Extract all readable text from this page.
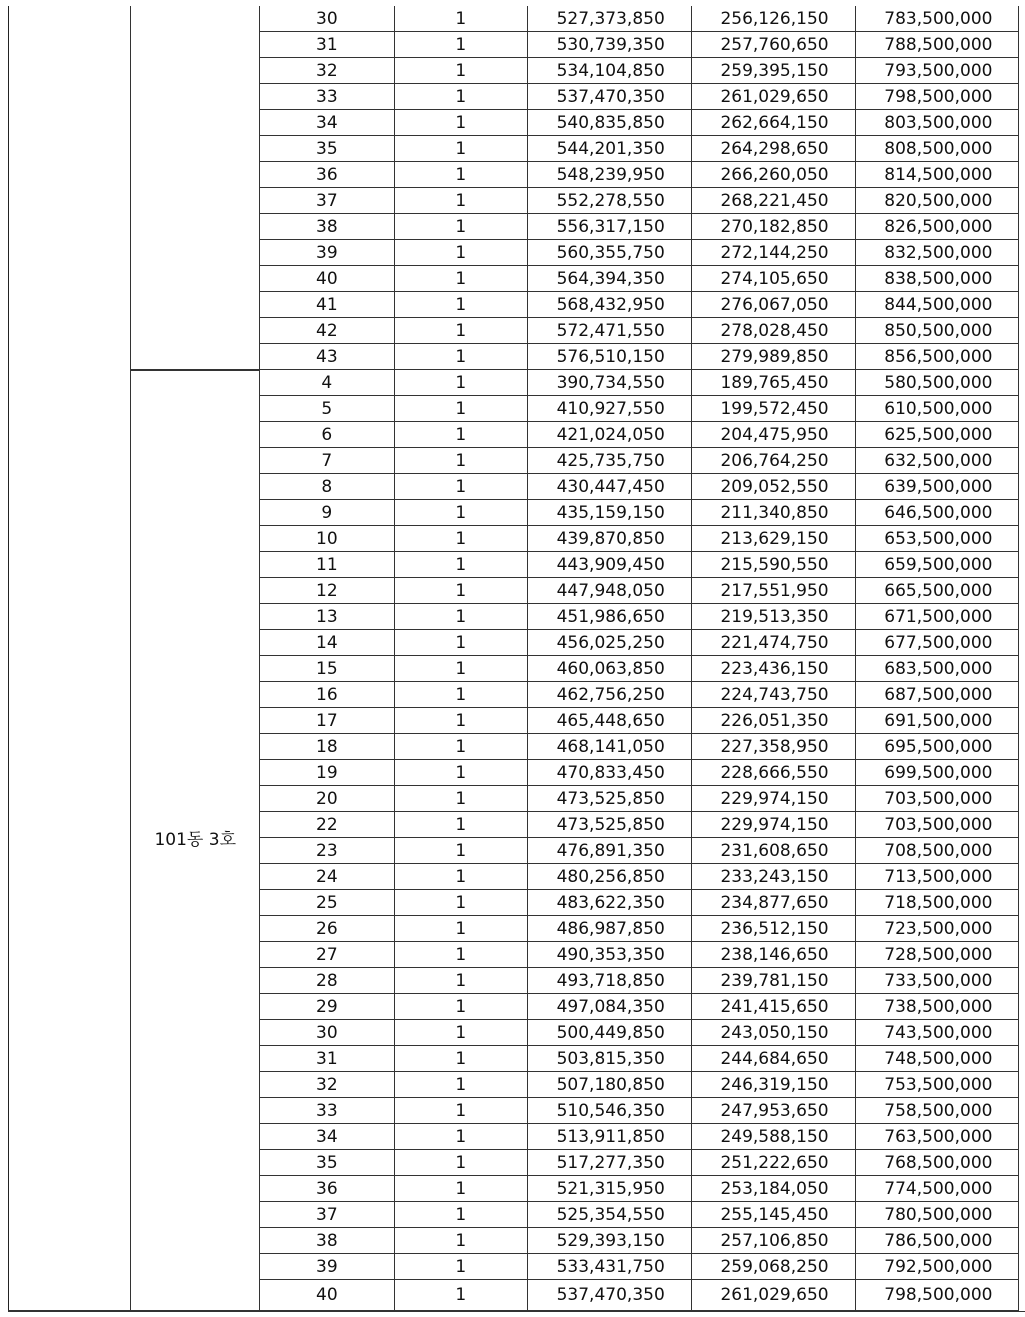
		30	1	527,373,850	256,126,150	783,500,000	
		31	1	530,739,350	257,760,650	788,500,000	
		32	1	534,104,850	259,395,150	793,500,000	
		33	1	537,470,350	261,029,650	798,500,000	
		34	1	540,835,850	262,664,150	803,500,000	
		35	1	544,201,350	264,298,650	808,500,000	
		36	1	548,239,950	266,260,050	814,500,000	
		37	1	552,278,550	268,221,450	820,500,000	
		38	1	556,317,150	270,182,850	826,500,000	
		39	1	560,355,750	272,144,250	832,500,000	
		40	1	564,394,350	274,105,650	838,500,000	
		41	1	568,432,950	276,067,050	844,500,000	
		42	1	572,471,550	278,028,450	850,500,000	
		43	1	576,510,150	279,989,850	856,500,000	
	101동 3호	4	1	390,734,550	189,765,450	580,500,000	
		5	1	410,927,550	199,572,450	610,500,000	
		6	1	421,024,050	204,475,950	625,500,000	
		7	1	425,735,750	206,764,250	632,500,000	
		8	1	430,447,450	209,052,550	639,500,000	
		9	1	435,159,150	211,340,850	646,500,000	
		10	1	439,870,850	213,629,150	653,500,000	
		11	1	443,909,450	215,590,550	659,500,000	
		12	1	447,948,050	217,551,950	665,500,000	
		13	1	451,986,650	219,513,350	671,500,000	
		14	1	456,025,250	221,474,750	677,500,000	
		15	1	460,063,850	223,436,150	683,500,000	
		16	1	462,756,250	224,743,750	687,500,000	
		17	1	465,448,650	226,051,350	691,500,000	
		18	1	468,141,050	227,358,950	695,500,000	
		19	1	470,833,450	228,666,550	699,500,000	
		20	1	473,525,850	229,974,150	703,500,000	
		22	1	473,525,850	229,974,150	703,500,000	
		23	1	476,891,350	231,608,650	708,500,000	
		24	1	480,256,850	233,243,150	713,500,000	
		25	1	483,622,350	234,877,650	718,500,000	
		26	1	486,987,850	236,512,150	723,500,000	
		27	1	490,353,350	238,146,650	728,500,000	
		28	1	493,718,850	239,781,150	733,500,000	
		29	1	497,084,350	241,415,650	738,500,000	
		30	1	500,449,850	243,050,150	743,500,000	
		31	1	503,815,350	244,684,650	748,500,000	
		32	1	507,180,850	246,319,150	753,500,000	
		33	1	510,546,350	247,953,650	758,500,000	
		34	1	513,911,850	249,588,150	763,500,000	
		35	1	517,277,350	251,222,650	768,500,000	
		36	1	521,315,950	253,184,050	774,500,000	
		37	1	525,354,550	255,145,450	780,500,000	
		38	1	529,393,150	257,106,850	786,500,000	
		39	1	533,431,750	259,068,250	792,500,000	
		40	1	537,470,350	261,029,650	798,500,000	
